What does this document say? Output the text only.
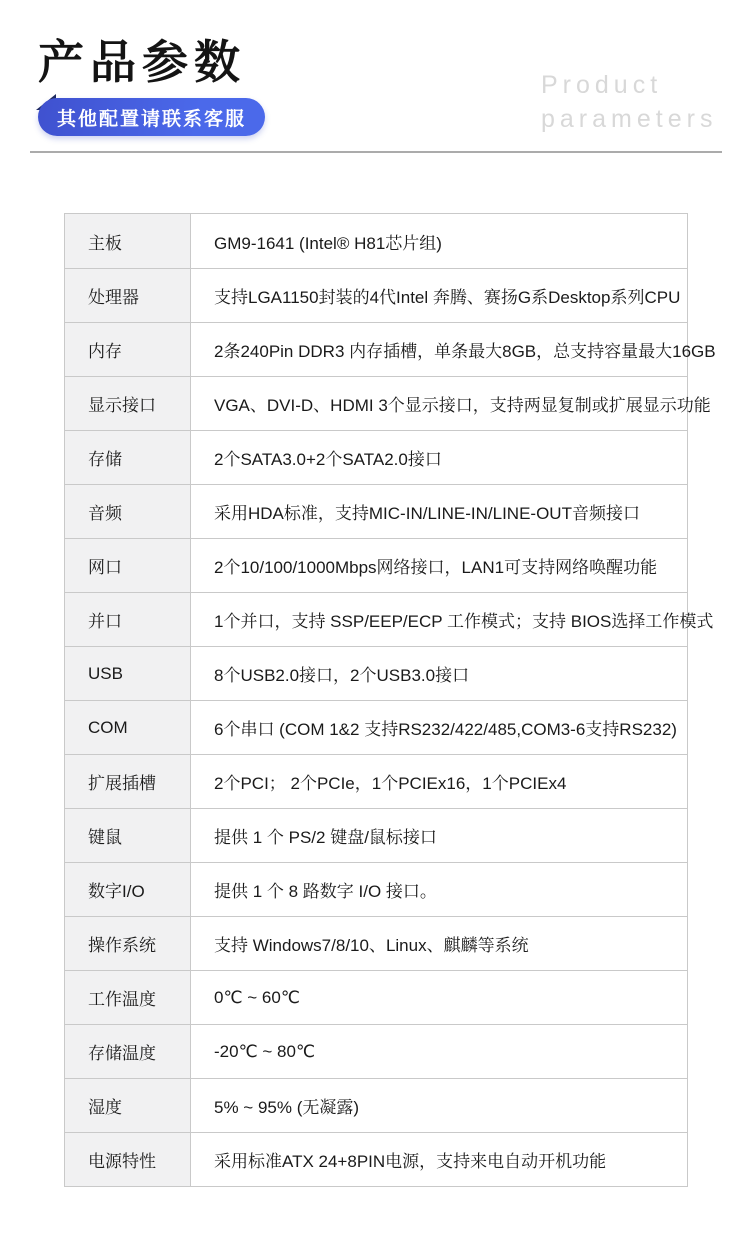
产品参数	Product
parameters
其他配置请联系客服
主板	GM9-1641 (Intel® H81芯片组)
处理器	支持LGA1150封装的4代Intel 奔腾、赛扬G系Desktop系列CPU
内存	2条240Pin DDR3 内存插槽，单条最大8GB，总支持容量最大16GB
显示接口	VGA、DVI-D、HDMI 3个显示接口，支持两显复制或扩展显示功能
存储	2个SATA3.0+2个SATA2.0接口
音频	采用HDA标准，支持MIC-IN/LINE-IN/LINE-OUT音频接口
网口	2个10/100/1000Mbps网络接口，LAN1可支持网络唤醒功能
并口	1个并口，支持 SSP/EEP/ECP 工作模式；支持 BIOS选择工作模式
USB	8个USB2.0接口，2个USB3.0接口
COM	6个串口 (COM 1&2 支持RS232/422/485,COM3-6支持RS232)
扩展插槽	2个PCI； 2个PCIe，1个PCIEx16，1个PCIEx4
键鼠	提供 1 个 PS/2 键盘/鼠标接口
数字I/O	提供 1 个 8 路数字 I/O 接口。
操作系统	支持 Windows7/8/10、Linux、麒麟等系统
工作温度	0℃ ~ 60℃
存储温度	-20℃ ~ 80℃
湿度	5% ~ 95% (无凝露)
电源特性	采用标准ATX 24+8PIN电源，支持来电自动开机功能
